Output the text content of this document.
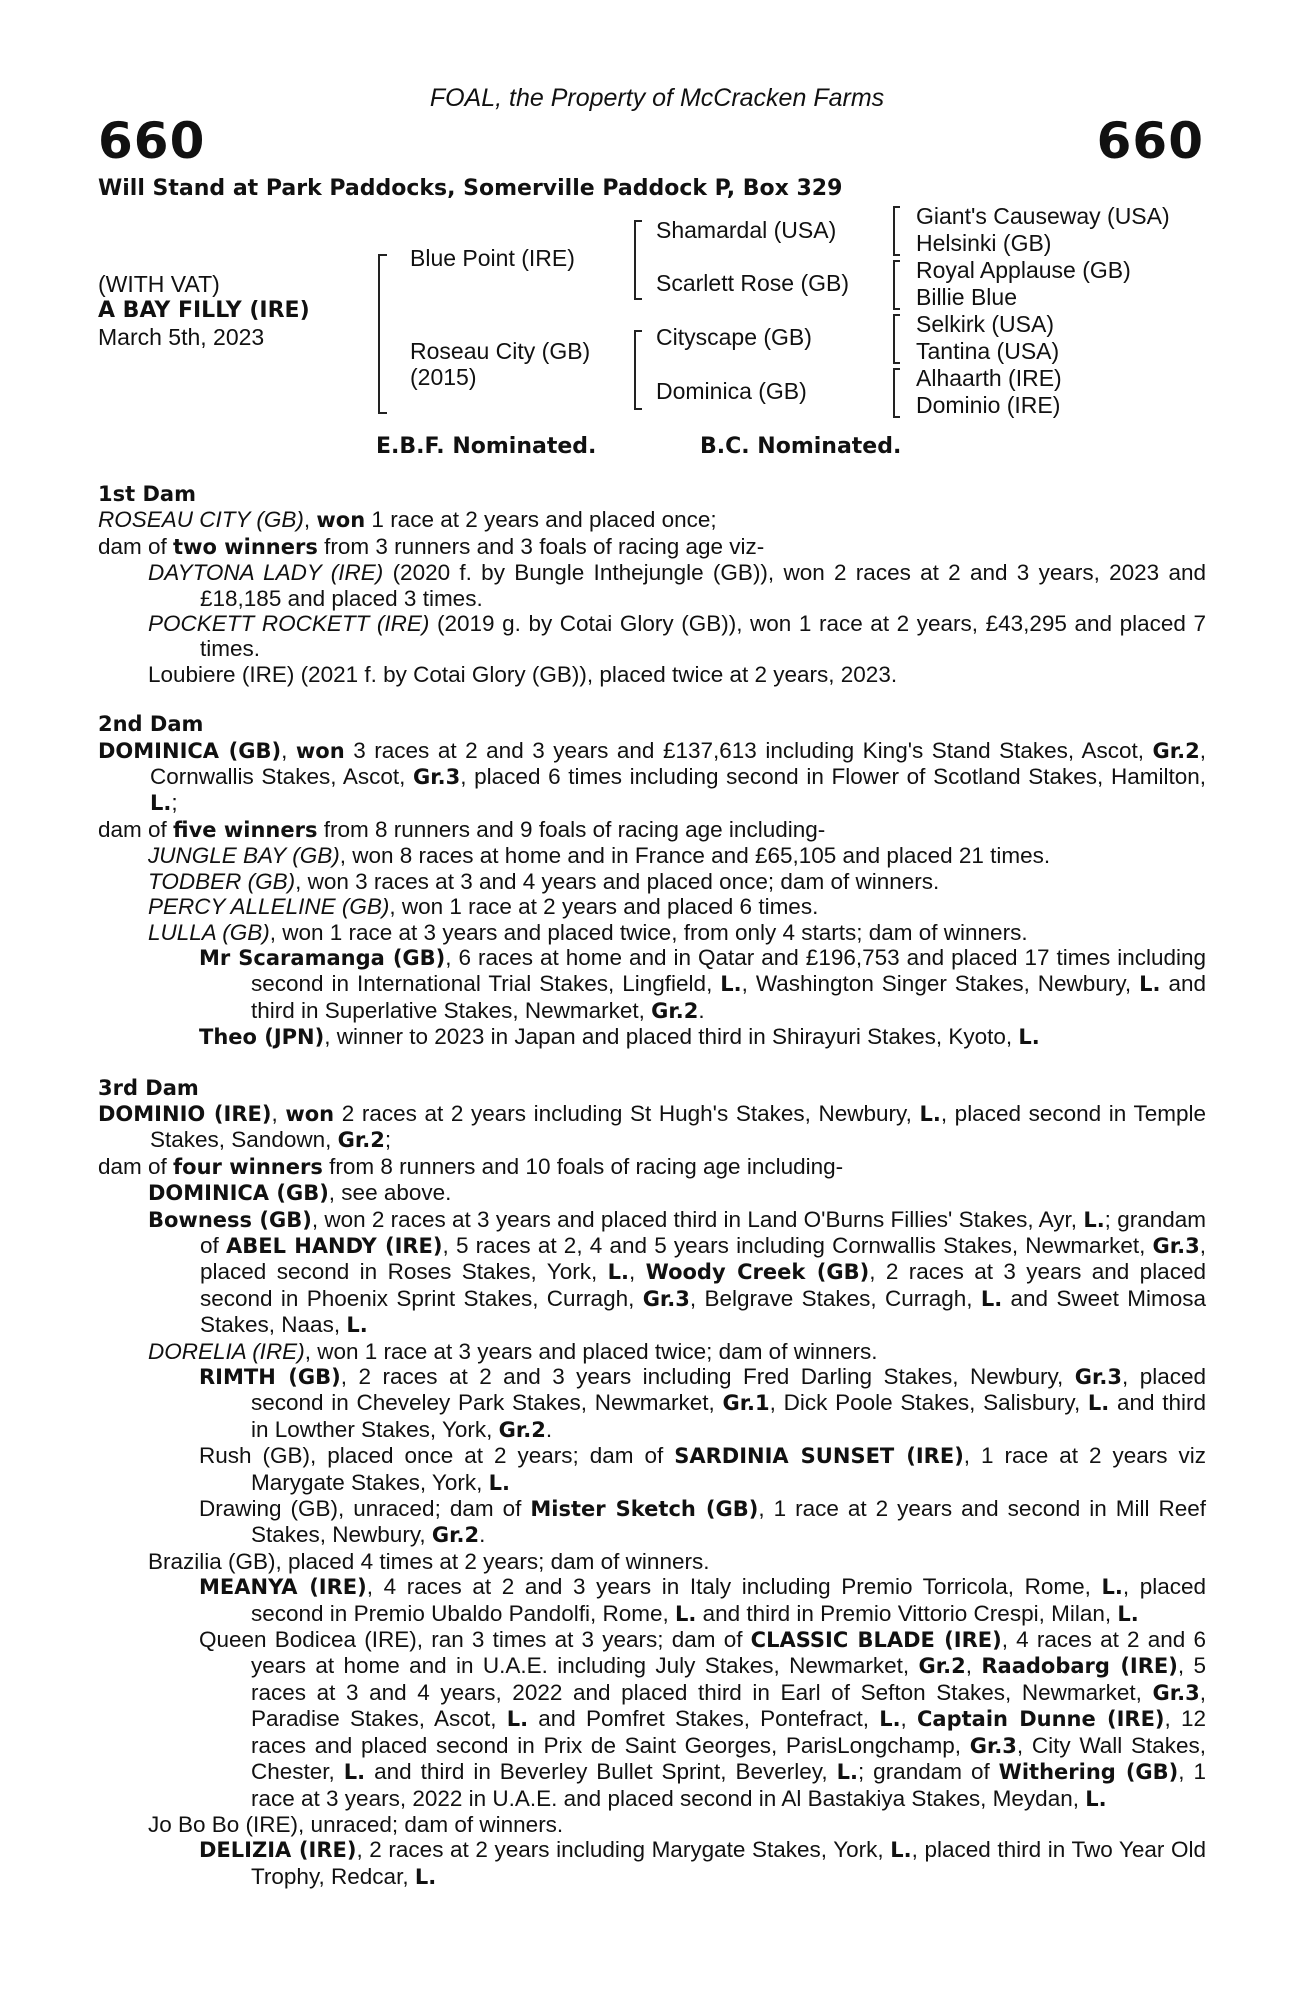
FOAL, the Property of McCracken Farms
660	660
Will Stand at Park Paddocks, Somerville Paddock P, Box 329
(WITH VAT)
A BAY FILLY (IRE)
March 5th, 2023
Blue Point (IRE)
Roseau City (GB)
(2015)
Shamardal (USA)
Scarlett Rose (GB)
Cityscape (GB)
Dominica (GB)
Giant's Causeway (USA)
Helsinki (GB)
Royal Applause (GB)
Billie Blue
Selkirk (USA)
Tantina (USA)
Alhaarth (IRE)
Dominio (IRE)
E.B.F. Nominated.	B.C. Nominated.
1st Dam
ROSEAU CITY (GB), won 1 race at 2 years and placed once;
dam of two winners from 3 runners and 3 foals of racing age viz-
DAYTONA LADY (IRE) (2020 f. by Bungle Inthejungle (GB)), won 2 races at 2 and 3 years, 2023 and £18,185 and placed 3 times.
POCKETT ROCKETT (IRE) (2019 g. by Cotai Glory (GB)), won 1 race at 2 years, £43,295 and placed 7 times.
Loubiere (IRE) (2021 f. by Cotai Glory (GB)), placed twice at 2 years, 2023.
2nd Dam
DOMINICA (GB), won 3 races at 2 and 3 years and £137,613 including King's Stand Stakes, Ascot, Gr.2, Cornwallis Stakes, Ascot, Gr.3, placed 6 times including second in Flower of Scotland Stakes, Hamilton, L.;
dam of five winners from 8 runners and 9 foals of racing age including-
JUNGLE BAY (GB), won 8 races at home and in France and £65,105 and placed 21 times.
TODBER (GB), won 3 races at 3 and 4 years and placed once; dam of winners.
PERCY ALLELINE (GB), won 1 race at 2 years and placed 6 times.
LULLA (GB), won 1 race at 3 years and placed twice, from only 4 starts; dam of winners.
Mr Scaramanga (GB), 6 races at home and in Qatar and £196,753 and placed 17 times including second in International Trial Stakes, Lingfield, L., Washington Singer Stakes, Newbury, L. and third in Superlative Stakes, Newmarket, Gr.2.
Theo (JPN), winner to 2023 in Japan and placed third in Shirayuri Stakes, Kyoto, L.
3rd Dam
DOMINIO (IRE), won 2 races at 2 years including St Hugh's Stakes, Newbury, L., placed second in Temple Stakes, Sandown, Gr.2;
dam of four winners from 8 runners and 10 foals of racing age including-
DOMINICA (GB), see above.
Bowness (GB), won 2 races at 3 years and placed third in Land O'Burns Fillies' Stakes, Ayr, L.; grandam of ABEL HANDY (IRE), 5 races at 2, 4 and 5 years including Cornwallis Stakes, Newmarket, Gr.3, placed second in Roses Stakes, York, L., Woody Creek (GB), 2 races at 3 years and placed second in Phoenix Sprint Stakes, Curragh, Gr.3, Belgrave Stakes, Curragh, L. and Sweet Mimosa Stakes, Naas, L.
DORELIA (IRE), won 1 race at 3 years and placed twice; dam of winners.
RIMTH (GB), 2 races at 2 and 3 years including Fred Darling Stakes, Newbury, Gr.3, placed second in Cheveley Park Stakes, Newmarket, Gr.1, Dick Poole Stakes, Salisbury, L. and third in Lowther Stakes, York, Gr.2.
Rush (GB), placed once at 2 years; dam of SARDINIA SUNSET (IRE), 1 race at 2 years viz Marygate Stakes, York, L.
Drawing (GB), unraced; dam of Mister Sketch (GB), 1 race at 2 years and second in Mill Reef Stakes, Newbury, Gr.2.
Brazilia (GB), placed 4 times at 2 years; dam of winners.
MEANYA (IRE), 4 races at 2 and 3 years in Italy including Premio Torricola, Rome, L., placed second in Premio Ubaldo Pandolfi, Rome, L. and third in Premio Vittorio Crespi, Milan, L.
Queen Bodicea (IRE), ran 3 times at 3 years; dam of CLASSIC BLADE (IRE), 4 races at 2 and 6 years at home and in U.A.E. including July Stakes, Newmarket, Gr.2, Raadobarg (IRE), 5 races at 3 and 4 years, 2022 and placed third in Earl of Sefton Stakes, Newmarket, Gr.3, Paradise Stakes, Ascot, L. and Pomfret Stakes, Pontefract, L., Captain Dunne (IRE), 12 races and placed second in Prix de Saint Georges, ParisLongchamp, Gr.3, City Wall Stakes, Chester, L. and third in Beverley Bullet Sprint, Beverley, L.; grandam of Withering (GB), 1 race at 3 years, 2022 in U.A.E. and placed second in Al Bastakiya Stakes, Meydan, L.
Jo Bo Bo (IRE), unraced; dam of winners.
DELIZIA (IRE), 2 races at 2 years including Marygate Stakes, York, L., placed third in Two Year Old Trophy, Redcar, L.
